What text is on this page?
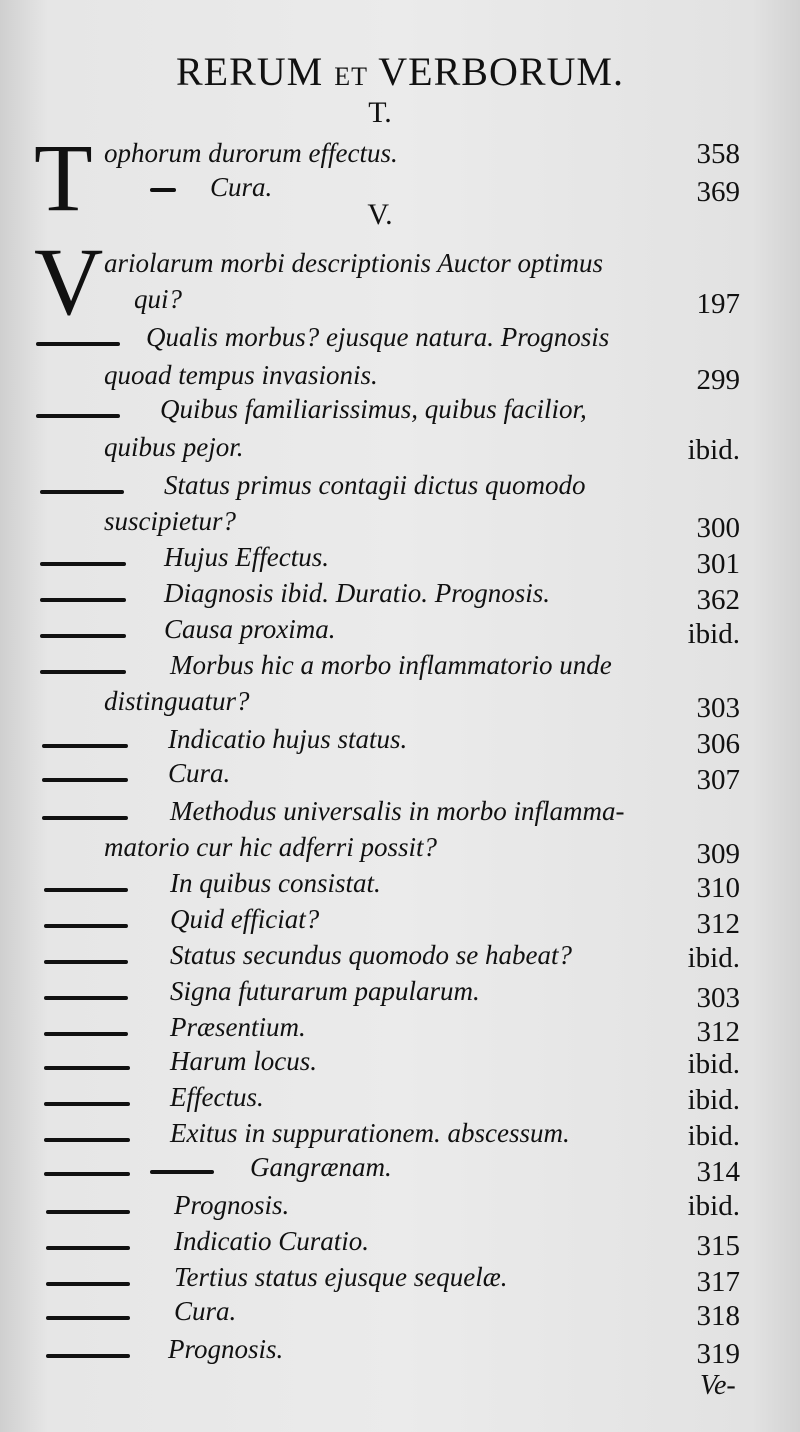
RERUM ET VERBORUM.
T.
T ophorum durorum effectus.	358
Cura.	369
V.
V ariolarum morbi descriptionis Auctor optimus
qui?	197
Qualis morbus? ejusque natura. Prognosis
quoad tempus invasionis.	299
Quibus familiarissimus, quibus facilior,
quibus pejor.	ibid.
Status primus contagii dictus quomodo
suscipietur?	300
Hujus Effectus.	301
Diagnosis ibid. Duratio. Prognosis.	362
Causa proxima.	ibid.
Morbus hic a morbo inflammatorio unde
distinguatur?	303
Indicatio hujus status.	306
Cura.	307
Methodus universalis in morbo inflamma-
matorio cur hic adferri possit?	309
In quibus consistat.	310
Quid efficiat?	312
Status secundus quomodo se habeat?	ibid.
Signa futurarum papularum.	303
Præsentium.	312
Harum locus.	ibid.
Effectus.	ibid.
Exitus in suppurationem. abscessum.	ibid.
Gangrænam.	314
Prognosis.	ibid.
Indicatio Curatio.	315
Tertius status ejusque sequelæ.	317
Cura.	318
Prognosis.	319
Ve-
